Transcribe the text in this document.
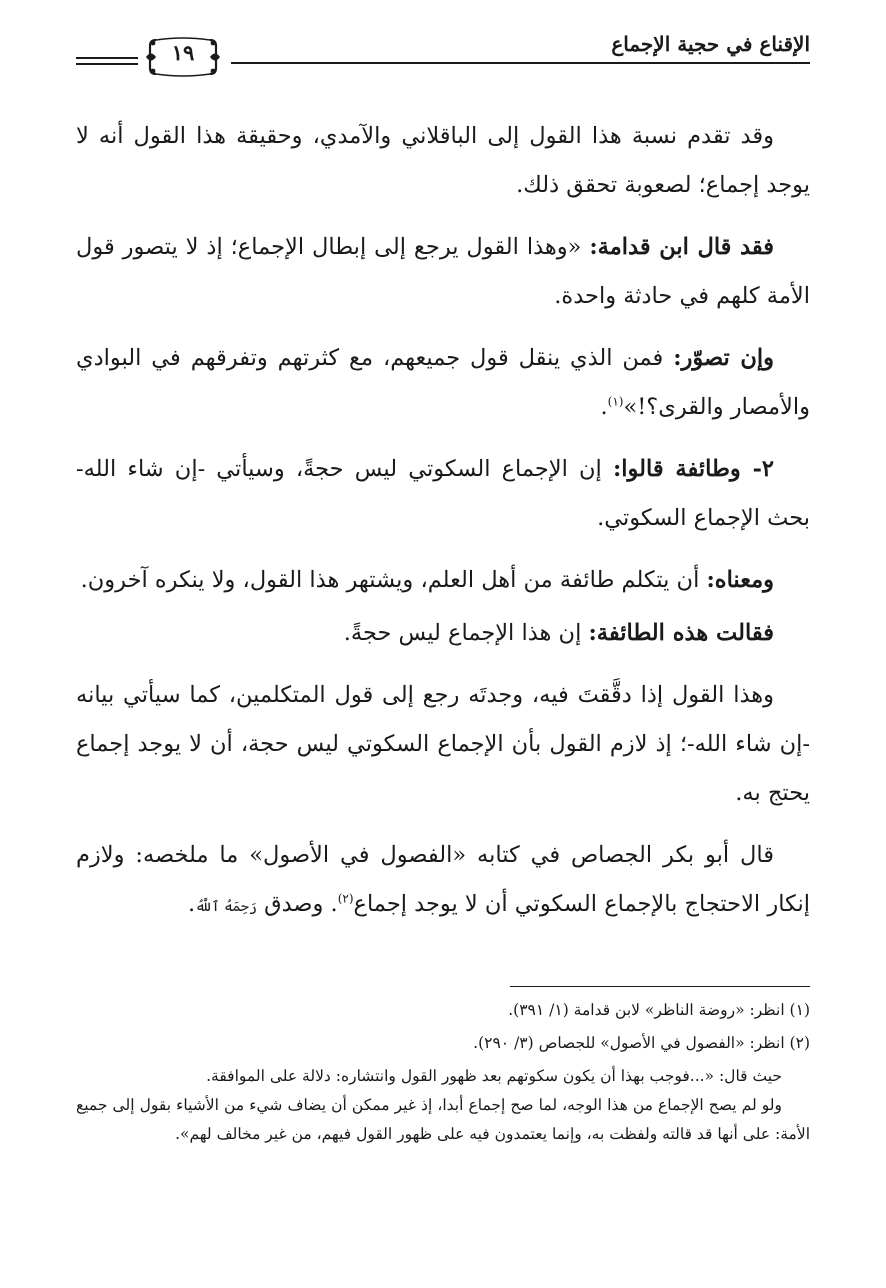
الإقناع في حجية الإجماع
١٩

وقد تقدم نسبة هذا القول إلى الباقلاني والآمدي، وحقيقة هذا القول أنه لا يوجد إجماع؛ لصعوبة تحقق ذلك.

فقد قال ابن قدامة: «وهذا القول يرجع إلى إبطال الإجماع؛ إذ لا يتصور قول الأمة كلهم في حادثة واحدة.

وإن تصوّر: فمن الذي ينقل قول جميعهم، مع كثرتهم وتفرقهم في البوادي والأمصار والقرى؟!»$^{(١)}$.

٢- وطائفة قالوا: إن الإجماع السكوتي ليس حجةً، وسيأتي -إن شاء الله- بحث الإجماع السكوتي.

ومعناه: أن يتكلم طائفة من أهل العلم، ويشتهر هذا القول، ولا ينكره آخرون.

فقالت هذه الطائفة: إن هذا الإجماع ليس حجةً.

وهذا القول إذا دقَّقتَ فيه، وجدتَه رجع إلى قول المتكلمين، كما سيأتي بيانه -إن شاء الله-؛ إذ لازم القول بأن الإجماع السكوتي ليس حجة، أن لا يوجد إجماع يحتج به.

قال أبو بكر الجصاص في كتابه «الفصول في الأصول» ما ملخصه: ولازم إنكار الاحتجاج بالإجماع السكوتي أن لا يوجد إجماع$^{(٢)}$. وصدق رَحِمَهُ ٱللَّهُ.

(١) انظر: «روضة الناظر» لابن قدامة (١/ ٣٩١).

(٢) انظر: «الفصول في الأصول» للجصاص (٣/ ٢٩٠).

حيث قال: «...فوجب بهذا أن يكون سكوتهم بعد ظهور القول وانتشاره: دلالة على الموافقة.

ولو لم يصح الإجماع من هذا الوجه، لما صح إجماع أبدا، إذ غير ممكن أن يضاف شيء من الأشياء بقول إلى جميع الأمة: على أنها قد قالته ولفظت به، وإنما يعتمدون فيه على ظهور القول فيهم، من غير مخالف لهم».
